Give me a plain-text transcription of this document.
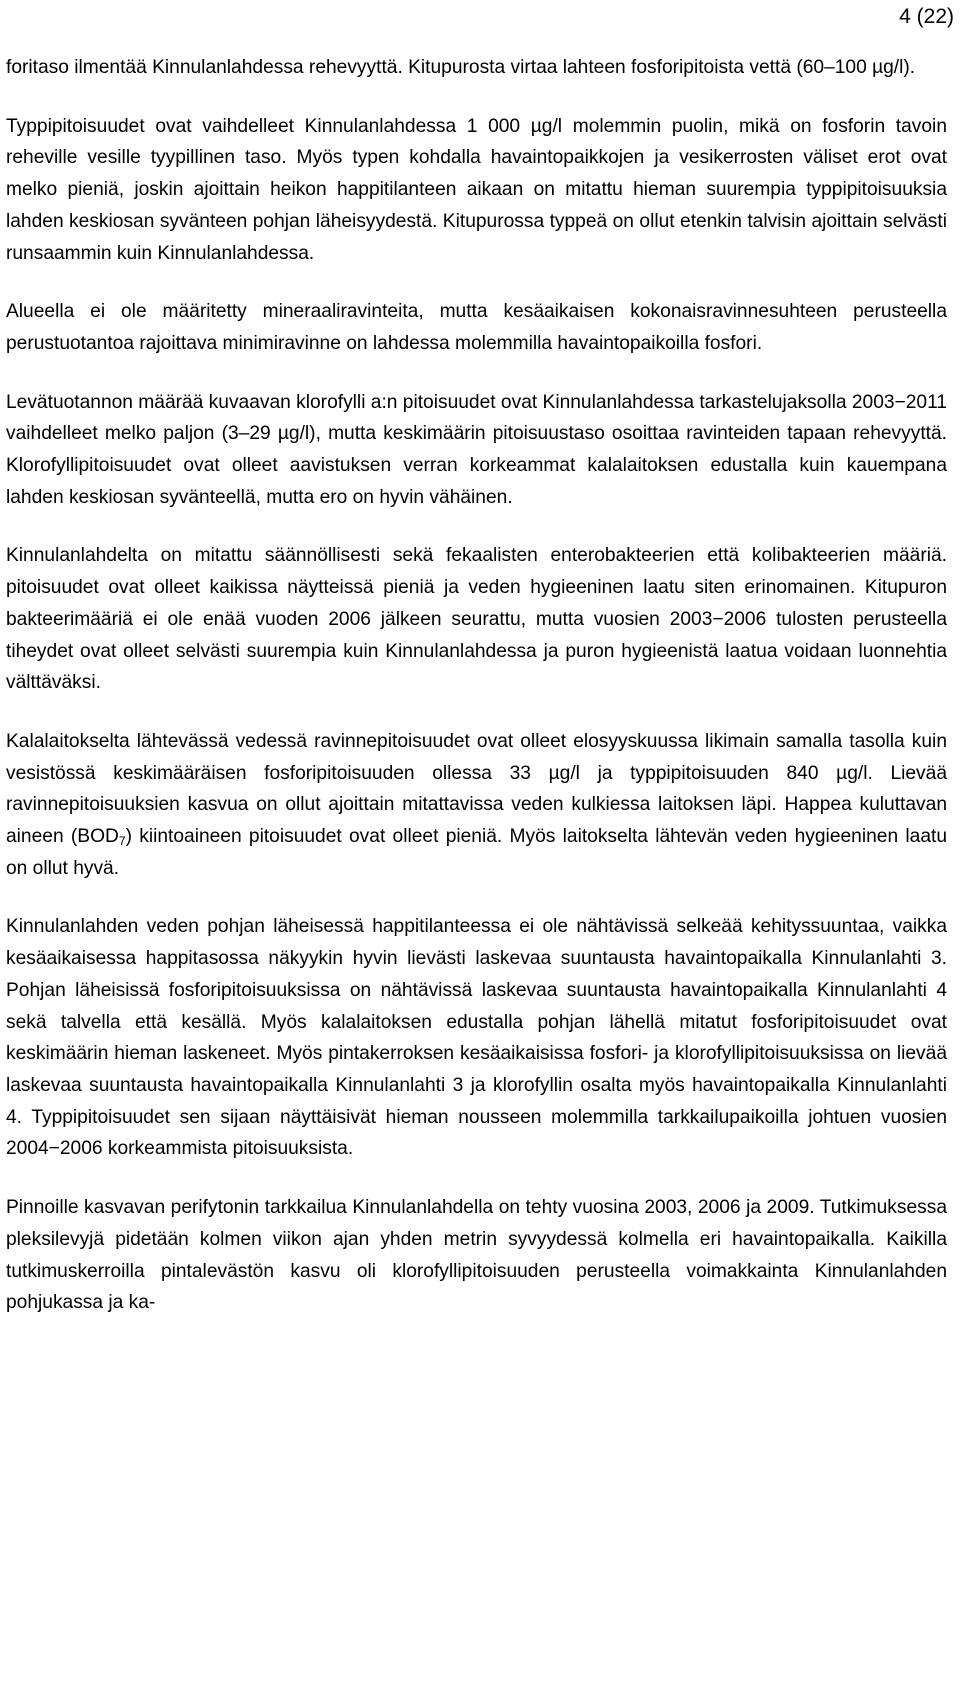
4 (22)

foritaso ilmentää Kinnulanlahdessa rehevyyttä. Kitupurosta virtaa lahteen fosforipitoista vettä (60–100 µg/l).

Typpipitoisuudet ovat vaihdelleet Kinnulanlahdessa 1 000 µg/l molemmin puolin, mikä on fosforin tavoin reheville vesille tyypillinen taso. Myös typen kohdalla havaintopaikkojen ja vesikerrosten väliset erot ovat melko pieniä, joskin ajoittain heikon happitilanteen aikaan on mitattu hieman suurempia typpipitoisuuksia lahden keskiosan syvänteen pohjan läheisyydestä. Kitupurossa typpeä on ollut etenkin talvisin ajoittain selvästi runsaammin kuin Kinnulanlahdessa.

Alueella ei ole määritetty mineraaliravinteita, mutta kesäaikaisen kokonaisravinnesuhteen perusteella perustuotantoa rajoittava minimiravinne on lahdessa molemmilla havaintopaikoilla fosfori.

Levätuotannon määrää kuvaavan klorofylli a:n pitoisuudet ovat Kinnulanlahdessa tarkastelujaksolla 2003−2011 vaihdelleet melko paljon (3–29 µg/l), mutta keskimäärin pitoisuustaso osoittaa ravinteiden tapaan rehevyyttä. Klorofyllipitoisuudet ovat olleet aavistuksen verran korkeammat kalalaitoksen edustalla kuin kauempana lahden keskiosan syvänteellä, mutta ero on hyvin vähäinen.

Kinnulanlahdelta on mitattu säännöllisesti sekä fekaalisten enterobakteerien että kolibakteerien määriä. pitoisuudet ovat olleet kaikissa näytteissä pieniä ja veden hygieeninen laatu siten erinomainen. Kitupuron bakteerimääriä ei ole enää vuoden 2006 jälkeen seurattu, mutta vuosien 2003−2006 tulosten perusteella tiheydet ovat olleet selvästi suurempia kuin Kinnulanlahdessa ja puron hygieenistä laatua voidaan luonnehtia välttäväksi.

Kalalaitokselta lähtevässä vedessä ravinnepitoisuudet ovat olleet elosyyskuussa likimain samalla tasolla kuin vesistössä keskimääräisen fosforipitoisuuden ollessa 33 µg/l ja typpipitoisuuden 840 µg/l. Lievää ravinnepitoisuuksien kasvua on ollut ajoittain mitattavissa veden kulkiessa laitoksen läpi. Happea kuluttavan aineen $(BOD_7)$ kiintoaineen pitoisuudet ovat olleet pieniä. Myös laitokselta lähtevän veden hygieeninen laatu on ollut hyvä.

Kinnulanlahden veden pohjan läheisessä happitilanteessa ei ole nähtävissä selkeää kehityssuuntaa, vaikka kesäaikaisessa happitasossa näkyykin hyvin lievästi laskevaa suuntausta havaintopaikalla Kinnulanlahti 3. Pohjan läheisissä fosforipitoisuuksissa on nähtävissä laskevaa suuntausta havaintopaikalla Kinnulanlahti 4 sekä talvella että kesällä. Myös kalalaitoksen edustalla pohjan lähellä mitatut fosforipitoisuudet ovat keskimäärin hieman laskeneet. Myös pintakerroksen kesäaikaisissa fosfori- ja klorofyllipitoisuuksissa on lievää laskevaa suuntausta havaintopaikalla Kinnulanlahti 3 ja klorofyllin osalta myös havaintopaikalla Kinnulanlahti 4. Typpipitoisuudet sen sijaan näyttäisivät hieman nousseen molemmilla tarkkailupaikoilla johtuen vuosien 2004−2006 korkeammista pitoisuuksista.

Pinnoille kasvavan perifytonin tarkkailua Kinnulanlahdella on tehty vuosina 2003, 2006 ja 2009. Tutkimuksessa pleksilevyjä pidetään kolmen viikon ajan yhden metrin syvyydessä kolmella eri havaintopaikalla. Kaikilla tutkimuskerroilla pintalevästön kasvu oli klorofyllipitoisuuden perusteella voimakkainta Kinnulanlahden pohjukassa ja ka-
